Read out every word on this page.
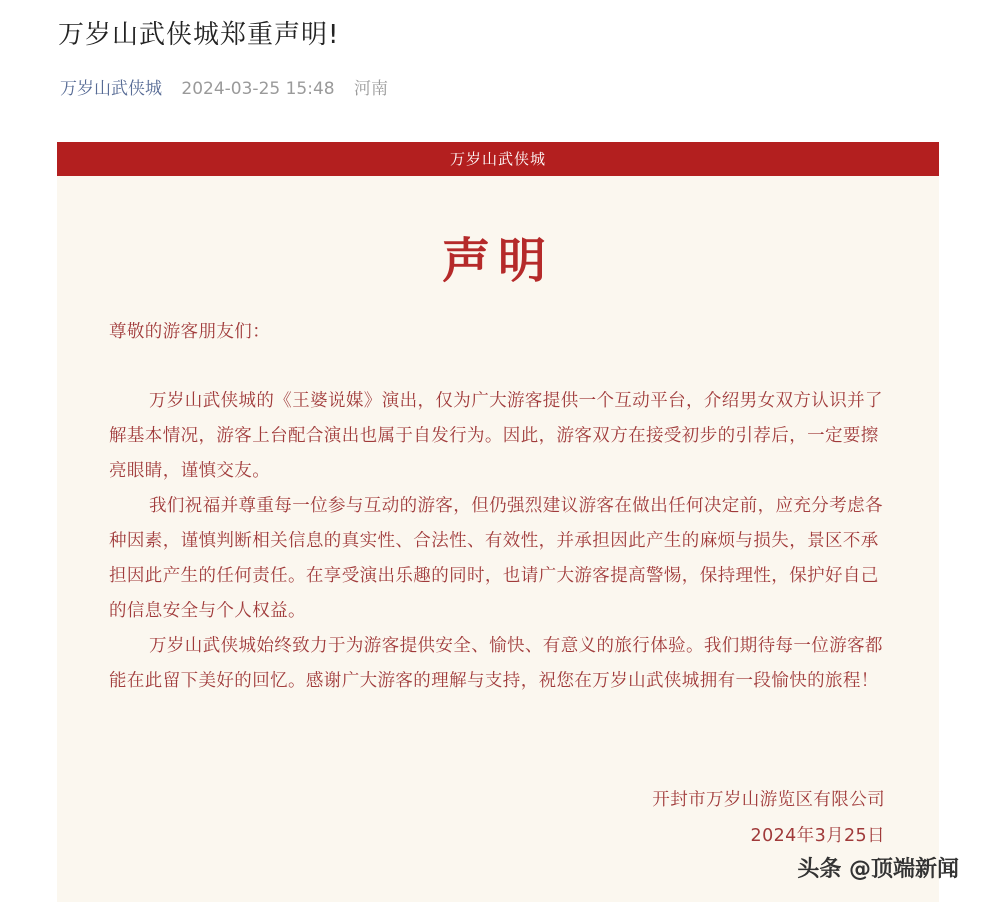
万岁山武侠城郑重声明!
万岁山武侠城 2024-03-25 15:48 河南
万岁山武侠城
声明

尊敬的游客朋友们：

万岁山武侠城的《王婆说媒》演出，仅为广大游客提供一个互动平台，介绍男女双方认识并了解基本情况，游客上台配合演出也属于自发行为。因此，游客双方在接受初步的引荐后，一定要擦亮眼睛，谨慎交友。

我们祝福并尊重每一位参与互动的游客，但仍强烈建议游客在做出任何决定前，应充分考虑各种因素，谨慎判断相关信息的真实性、合法性、有效性，并承担因此产生的麻烦与损失，景区不承担因此产生的任何责任。在享受演出乐趣的同时，也请广大游客提高警惕，保持理性，保护好自己的信息安全与个人权益。

万岁山武侠城始终致力于为游客提供安全、愉快、有意义的旅行体验。我们期待每一位游客都能在此留下美好的回忆。感谢广大游客的理解与支持，祝您在万岁山武侠城拥有一段愉快的旅程！

开封市万岁山游览区有限公司

2024年3月25日

头条 @顶端新闻
